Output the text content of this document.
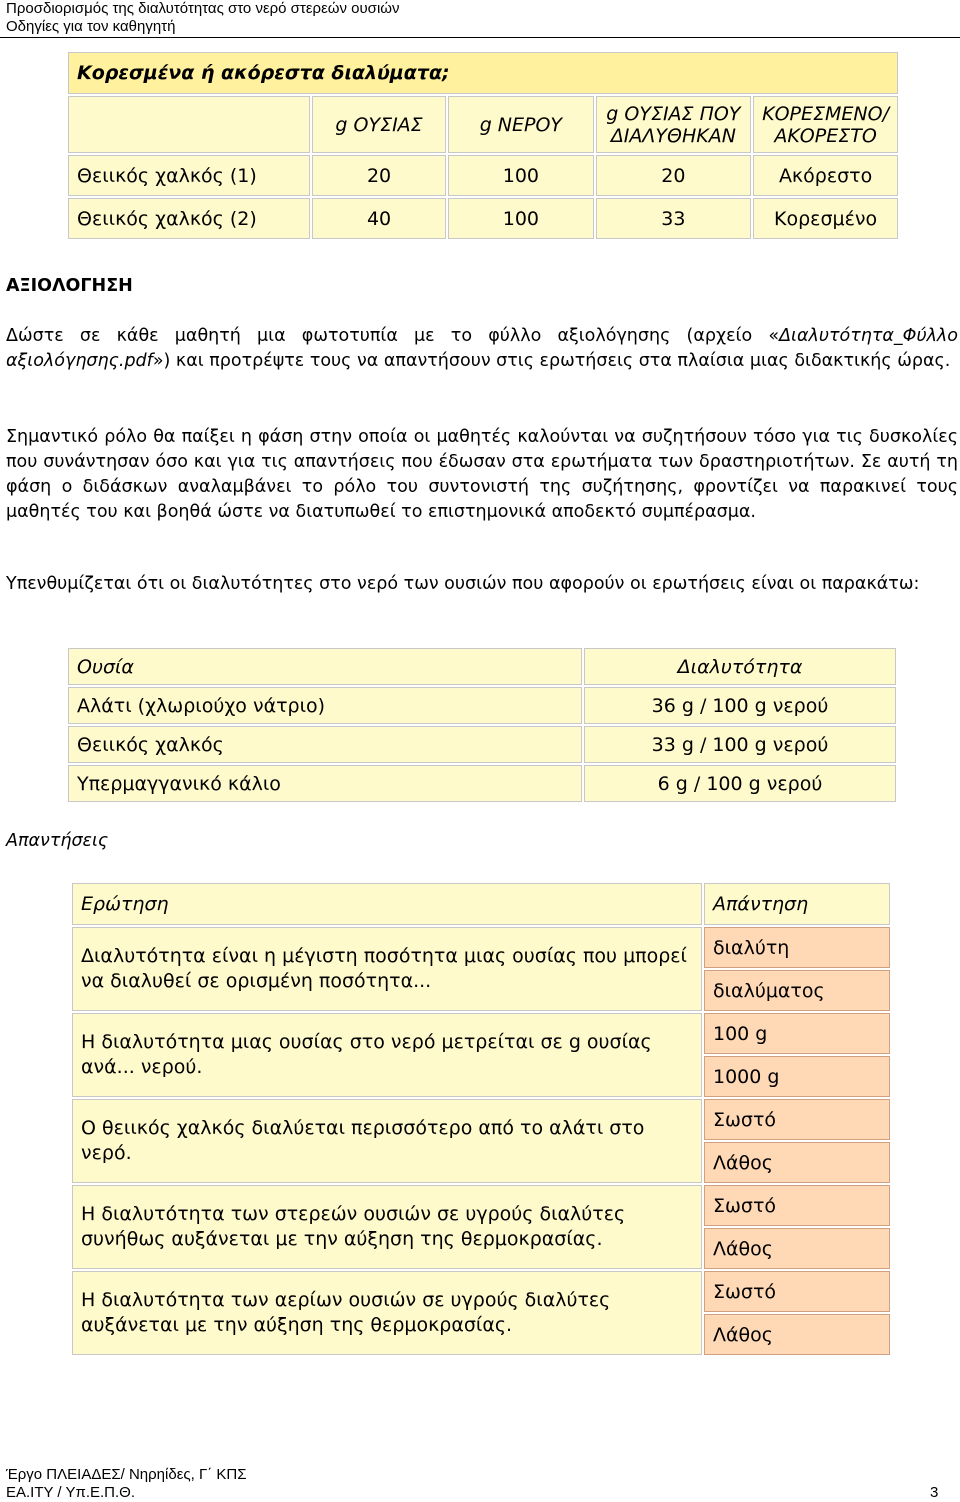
Προσδιορισμός της διαλυτότητας στο νερό στερεών ουσιών
Οδηγίες για τον καθηγητή
Κορεσμένα ή ακόρεστα διαλύματα;				
	g ΟΥΣΙΑΣ	g ΝΕΡΟΥ	g ΟΥΣΙΑΣ ΠΟΥ ΔΙΑΛΥΘΗΚΑΝ	ΚΟΡΕΣΜΕΝΟ/ ΑΚΟΡΕΣΤΟ
Θειικός χαλκός (1)	20	100	20	Ακόρεστο
Θειικός χαλκός (2)	40	100	33	Κορεσμένο
ΑΞΙΟΛΟΓΗΣΗ
Δώστε σε κάθε μαθητή μια φωτοτυπία με το φύλλο αξιολόγησης (αρχείο «Διαλυτότητα_Φύλλο αξιολόγησης.pdf») και προτρέψτε τους να απαντήσουν στις ερωτήσεις στα πλαίσια μιας διδακτικής ώρας.
Σημαντικό ρόλο θα παίξει η φάση στην οποία οι μαθητές καλούνται να συζητήσουν τόσο για τις δυσκολίες που συνάντησαν όσο και για τις απαντήσεις που έδωσαν στα ερωτήματα των δραστηριοτήτων. Σε αυτή τη φάση ο διδάσκων αναλαμβάνει το ρόλο του συντονιστή της συζήτησης, φροντίζει να παρακινεί τους μαθητές του και βοηθά ώστε να διατυπωθεί το επιστημονικά αποδεκτό συμπέρασμα.
Υπενθυμίζεται ότι οι διαλυτότητες στο νερό των ουσιών που αφορούν οι ερωτήσεις είναι οι παρακάτω:
Ουσία	Διαλυτότητα
Αλάτι (χλωριούχο νάτριο)	36 g / 100 g νερού
Θειικός χαλκός	33 g / 100 g νερού
Υπερμαγγανικό κάλιο	6 g / 100 g νερού
Απαντήσεις
Ερώτηση	Απάντηση
Διαλυτότητα είναι η μέγιστη ποσότητα μιας ουσίας που μπορεί να διαλυθεί σε ορισμένη ποσότητα...	διαλύτη
	διαλύματος
Η διαλυτότητα μιας ουσίας στο νερό μετρείται σε g ουσίας ανά... νερού.	100 g
	1000 g
Ο θειικός χαλκός διαλύεται περισσότερο από το αλάτι στο νερό.	Σωστό
	Λάθος
Η διαλυτότητα των στερεών ουσιών σε υγρούς διαλύτες συνήθως αυξάνεται με την αύξηση της θερμοκρασίας.	Σωστό
	Λάθος
Η διαλυτότητα των αερίων ουσιών σε υγρούς διαλύτες αυξάνεται με την αύξηση της θερμοκρασίας.	Σωστό
	Λάθος
Έργο ΠΛΕΙΑΔΕΣ/ Νηρηίδες, Γ΄ ΚΠΣ
ΕΑ.ΙΤΥ / Υπ.Ε.Π.Θ.	3
